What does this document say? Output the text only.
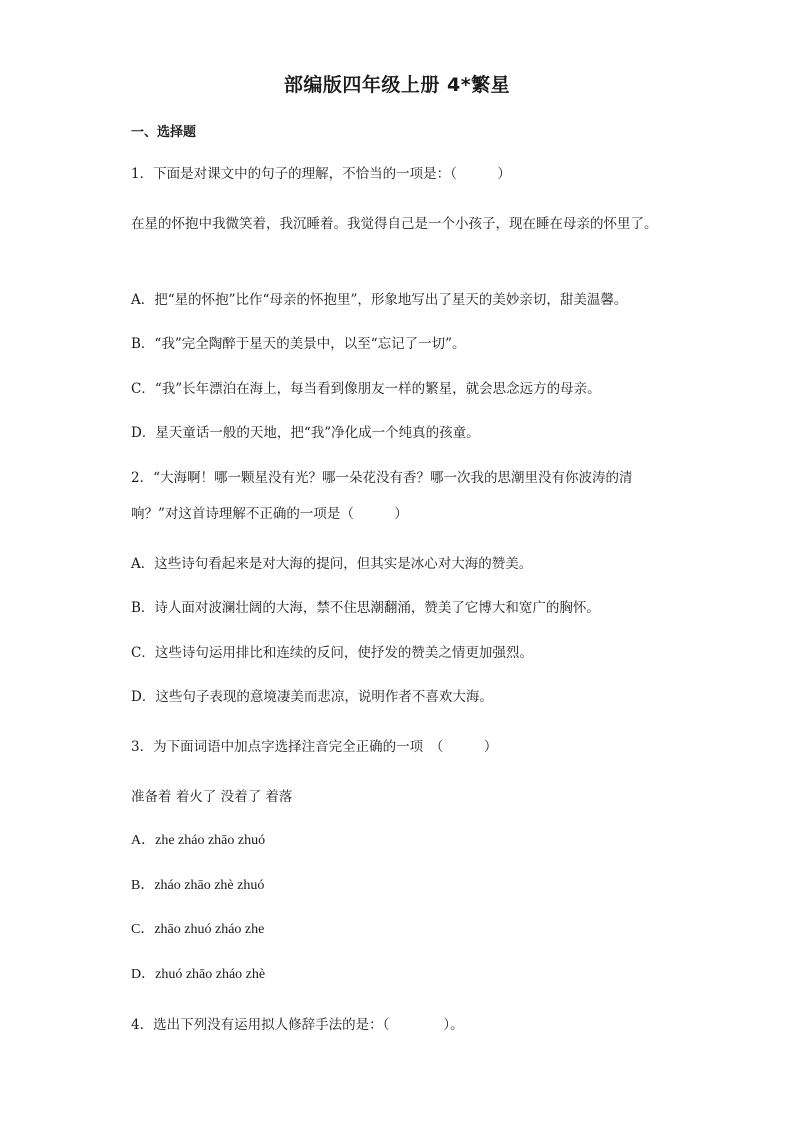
部编版四年级上册 4*繁星
一、选择题
1．下面是对课文中的句子的理解，不恰当的一项是：（　　　）
在星的怀抱中我微笑着，我沉睡着。我觉得自己是一个小孩子，现在睡在母亲的怀里了。
A．把“星的怀抱”比作“母亲的怀抱里”，形象地写出了星天的美妙亲切，甜美温馨。
B．“我”完全陶醉于星天的美景中，以至“忘记了一切”。
C．“我”长年漂泊在海上，每当看到像朋友一样的繁星，就会思念远方的母亲。
D．星天童话一般的天地，把“我”净化成一个纯真的孩童。
2．“大海啊！哪一颗星没有光？哪一朵花没有香？哪一次我的思潮里没有你波涛的清响？”对这首诗理解不正确的一项是（　　　）
A．这些诗句看起来是对大海的提问，但其实是冰心对大海的赞美。
B．诗人面对波澜壮阔的大海，禁不住思潮翻涌，赞美了它博大和宽广的胸怀。
C．这些诗句运用排比和连续的反问，使抒发的赞美之情更加强烈。
D．这些句子表现的意境凄美而悲凉，说明作者不喜欢大海。
3．为下面词语中加点字选择注音完全正确的一项　（　　　）
准备着 着火了 没着了 着落
A．zhe zháo zhāo zhuó
B．zháo zhāo zhè zhuó
C．zhāo zhuó zháo zhe
D．zhuó zhāo zháo zhè
4．选出下列没有运用拟人修辞手法的是：（　　　　）。
